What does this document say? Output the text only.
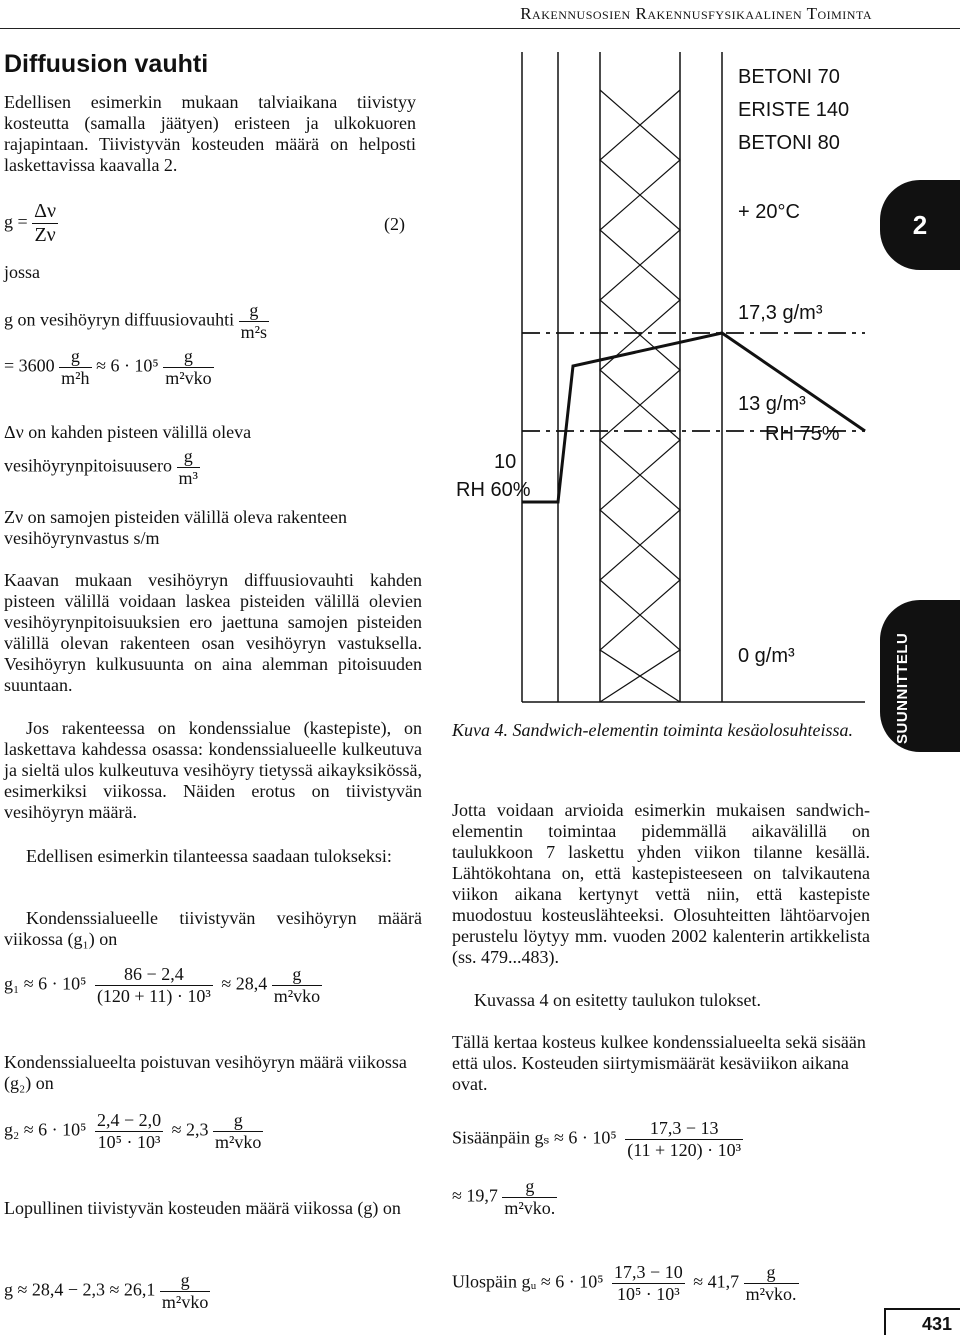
Rakennusosien Rakennusfysikaalinen Toiminta
Diffuusion vauhti
Edellisen esimerkin mukaan talviaikana tiivistyy kosteutta (samalla jäätyen) eristeen ja ulkokuoren rajapintaan. Tiivistyvän kosteuden määrä on helposti laskettavissa kaavalla 2.
$g = \frac{\Delta\nu}{Z\nu}$	(2)
jossa
g on vesihöyryn diffuusiovauhti $\frac{g}{\text{m²s}}$
= $3600 \frac{g}{\text{m²h}} \approx 6 \cdot 10^5 \frac{g}{\text{m²vko}}$
Δν on kahden pisteen välillä oleva
vesihöyrynpitoisuusero $\frac{g}{\text{m³}}$
Zν on samojen pisteiden välillä oleva rakenteen vesihöyrynvastus s/m
Kaavan mukaan vesihöyryn diffuusiovauhti kahden pisteen välillä voidaan laskea pisteiden välillä olevien vesihöyrynpitoisuuksien ero jaettuna samojen pisteiden välillä olevan rakenteen osan vesihöyryn vastuksella. Vesihöyryn kulkusuunta on aina alemman pitoisuuden suuntaan.
Jos rakenteessa on kondenssialue (kastepiste), on laskettava kahdessa osassa: kondenssialueelle kulkeutuva ja sieltä ulos kulkeutuva vesihöyry tietyssä aikayksikössä, esimerkiksi viikossa. Näiden erotus on tiivistyvän vesihöyryn määrä.
Edellisen esimerkin tilanteessa saadaan tulokseksi:
Kondenssialueelle tiivistyvän vesihöyryn määrä viikossa (g₁) on
$g_1 \approx 6 \cdot 10^5 \frac{86 - 2,4}{\text{(120 + 11) · 10³}} \approx 28,4 \frac{g}{\text{m²vko}}$
Kondenssialueelta poistuvan vesihöyryn määrä viikossa (g₂) on
$g_2 \approx 6 \cdot 10^5 \frac{2,4 - 2,0}{\text{10⁵ · 10³}} \approx 2,3 \frac{g}{\text{m²vko}}$
Lopullinen tiivistyvän kosteuden määrä viikossa (g) on
$g \approx 28,4 - 2,3 \approx 26,1 \frac{g}{\text{m²vko}}$
BETONI 70
ERISTE 140
BETONI 80
+ 20°C
17,3 g/m³
13 g/m³
RH 75%
10
RH 60%
0 g/m³
Kuva 4. Sandwich-elementin toiminta kesäolosuhteissa.
Jotta voidaan arvioida esimerkin mukaisen sandwich-elementin toimintaa pidemmällä aikavälillä on taulukkoon 7 laskettu yhden viikon tilanne kesällä. Lähtökohtana on, että kastepisteeseen on talvikautena viikon aikana kertynyt vettä niin, että kastepiste muodostuu kosteuslähteeksi. Olosuhteitten lähtöarvojen perustelu löytyy mm. vuoden 2002 kalenterin artikkelista (ss. 479...483).
Kuvassa 4 on esitetty taulukon tulokset.
Tällä kertaa kosteus kulkee kondenssialueelta sekä sisään että ulos. Kosteuden siirtymismäärät kesäviikon aikana ovat.
Sisäänpäin $g_s \approx 6 \cdot 10^5 \frac{17,3 - 13}{\text{(11 + 120) · 10³}}$
≈ $19,7 \frac{g}{\text{m²vko.}}$
Ulospäin gᵤ ≈ $6 \cdot 10^5 \frac{17,3 - 10}{\text{10⁵ · 10³}} \approx 41,7 \frac{g}{\text{m²vko.}}$
2
SUUNNITTELU
431
